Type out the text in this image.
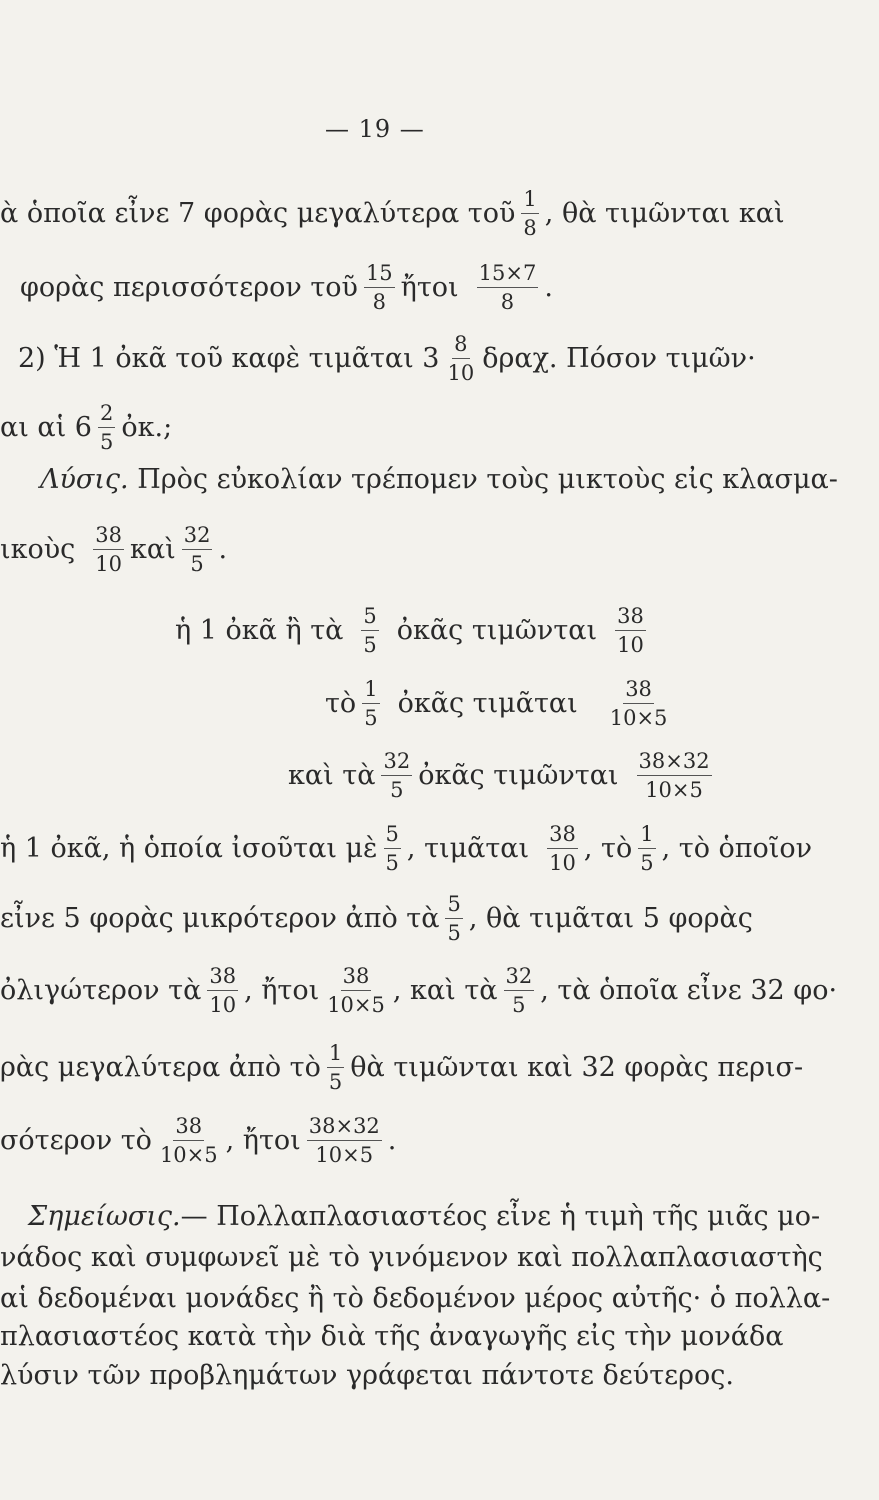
— 19 —
ὰ ὁποῖα εἶνε 7 φορὰς μεγαλύτερα τοῦ $\frac{1}{8}$ , θὰ τιμῶνται καὶ
φορὰς περισσότερον τοῦ $\frac{15}{8}$ ἤτοι $\frac{15\times 7}{8}$ .
2) Ἡ 1 ὀκᾶ τοῦ καφὲ τιμᾶται $3 \frac{8}{10} \delta\rho\alpha\chi$. Πόσον τιμῶν·
αι αἱ $6 \frac{2}{5}$ ὀκ.;
Λύσις. Πρὸς εὐκολίαν τρέπομεν τοὺς μικτοὺς εἰς κλασμα-
ικοὺς $\frac{38}{10}$ καὶ $\frac{32}{5}$ .
ἡ 1 ὀκᾶ ἢ τὰ $\frac{5}{5}$ ὀκᾶς τιμῶνται $\frac{38}{10}$
τὸ $\frac{1}{5}$ ὀκᾶς τιμᾶται $\frac{38}{10\times 5}$
καὶ τὰ $\frac{32}{5}$ ὀκᾶς τιμῶνται $\frac{38\times 32}{10\times 5}$
ἡ 1 ὀκᾶ, ἡ ὁποία ἰσοῦται μὲ $\frac{5}{5}$ , τιμᾶται $\frac{38}{10}$ , τὸ $\frac{1}{5}$ , τὸ ὁποῖον
εἶνε 5 φορὰς μικρότερον ἀπὸ τὰ $\frac{5}{5}$ , θὰ τιμᾶται 5 φορὰς
ὀλιγώτερον τὰ $\frac{38}{10}$ , ἤτοι $\frac{38}{10\times 5}$ , καὶ τὰ $\frac{32}{5}$ , τὰ ὁποῖα εἶνε 32 φο·
ρὰς μεγαλύτερα ἀπὸ τὸ $\frac{1}{5}$ θὰ τιμῶνται καὶ 32 φορὰς περισ-
σότερον τὸ $\frac{38}{10\times 5}$ , ἤτοι $\frac{38\times 32}{10\times 5}$ .
Σημείωσις. — Πολλαπλασιαστέος εἶνε ἡ τιμὴ τῆς μιᾶς μο-
νάδος καὶ συμφωνεῖ μὲ τὸ γινόμενον καὶ πολλαπλασιαστὴς
αἱ δεδομέναι μονάδες ἢ τὸ δεδομένον μέρος αὐτῆς· ὁ πολλα-
πλασιαστέος κατὰ τὴν διὰ τῆς ἀναγωγῆς εἰς τὴν μονάδα
λύσιν τῶν προβλημάτων γράφεται πάντοτε δεύτερος.
